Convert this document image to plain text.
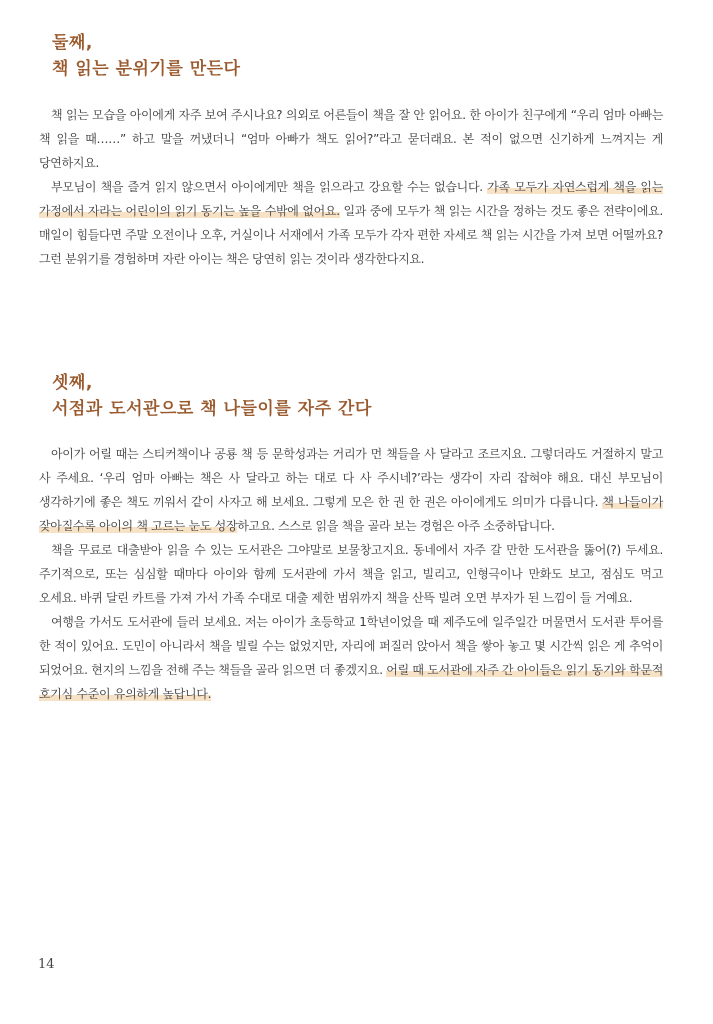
둘째,
책 읽는 분위기를 만든다

책 읽는 모습을 아이에게 자주 보여 주시나요? 의외로 어른들이 책을 잘 안 읽어요. 한 아이가 친구에게 “우리 엄마 아빠는 책 읽을 때……” 하고 말을 꺼냈더니 “엄마 아빠가 책도 읽어?”라고 묻더래요. 본 적이 없으면 신기하게 느껴지는 게 당연하지요.

부모님이 책을 즐겨 읽지 않으면서 아이에게만 책을 읽으라고 강요할 수는 없습니다. 가족 모두가 자연스럽게 책을 읽는 가정에서 자라는 어린이의 읽기 동기는 높을 수밖에 없어요. 일과 중에 모두가 책 읽는 시간을 정하는 것도 좋은 전략이에요. 매일이 힘들다면 주말 오전이나 오후, 거실이나 서재에서 가족 모두가 각자 편한 자세로 책 읽는 시간을 가져 보면 어떨까요? 그런 분위기를 경험하며 자란 아이는 책은 당연히 읽는 것이라 생각한다지요.

셋째,
서점과 도서관으로 책 나들이를 자주 간다

아이가 어릴 때는 스티커책이나 공룡 책 등 문학성과는 거리가 먼 책들을 사 달라고 조르지요. 그렇더라도 거절하지 말고 사 주세요. ‘우리 엄마 아빠는 책은 사 달라고 하는 대로 다 사 주시네?’라는 생각이 자리 잡혀야 해요. 대신 부모님이 생각하기에 좋은 책도 끼워서 같이 사자고 해 보세요. 그렇게 모은 한 권 한 권은 아이에게도 의미가 다릅니다. 책 나들이가 잦아질수록 아이의 책 고르는 눈도 성장하고요. 스스로 읽을 책을 골라 보는 경험은 아주 소중하답니다.

책을 무료로 대출받아 읽을 수 있는 도서관은 그야말로 보물창고지요. 동네에서 자주 갈 만한 도서관을 뚫어(?) 두세요. 주기적으로, 또는 심심할 때마다 아이와 함께 도서관에 가서 책을 읽고, 빌리고, 인형극이나 만화도 보고, 점심도 먹고 오세요. 바퀴 달린 카트를 가져 가서 가족 수대로 대출 제한 범위까지 책을 산뜩 빌려 오면 부자가 된 느낌이 들 거예요.

여행을 가서도 도서관에 들러 보세요. 저는 아이가 초등학교 1학년이었을 때 제주도에 일주일간 머물면서 도서관 투어를 한 적이 있어요. 도민이 아니라서 책을 빌릴 수는 없었지만, 자리에 퍼질러 앉아서 책을 쌓아 놓고 몇 시간씩 읽은 게 추억이 되었어요. 현지의 느낌을 전해 주는 책들을 골라 읽으면 더 좋겠지요. 어릴 때 도서관에 자주 간 아이들은 읽기 동기와 학문적 호기심 수준이 유의하게 높답니다.

14
